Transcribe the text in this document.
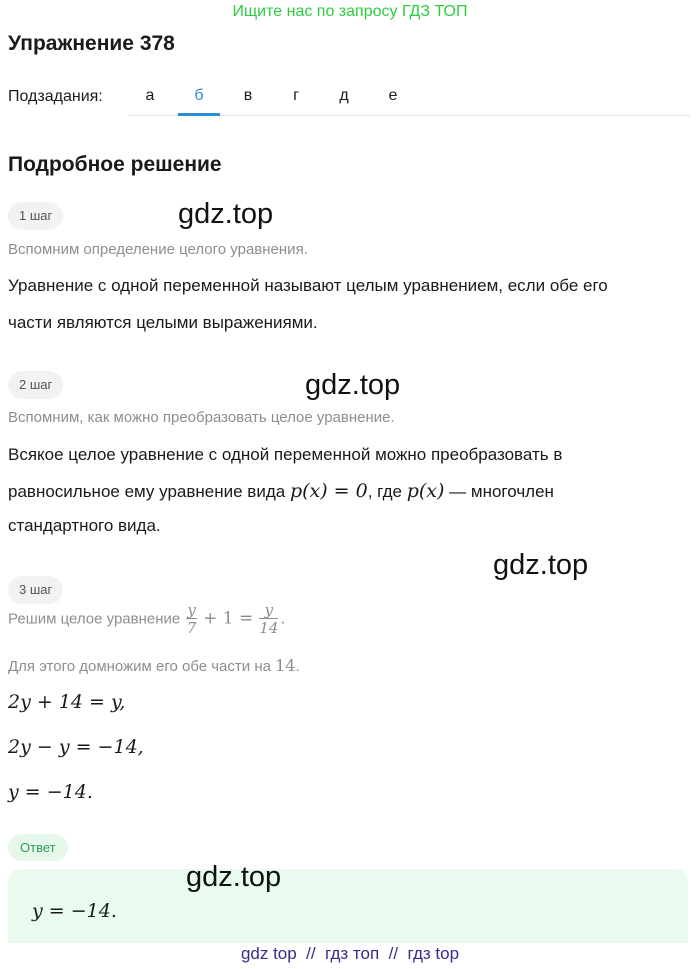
Ищите нас по запросу ГДЗ ТОП
Упражнение 378
Подзадания:	а	б	в	г	д	е
Подробное решение
1 шаг	gdz.top
Вспомним определение целого уравнения.
Уравнение с одной переменной называют целым уравнением, если обе его
части являются целыми выражениями.
2 шаг	gdz.top
Вспомним, как можно преобразовать целое уравнение.
Всякое целое уравнение с одной переменной можно преобразовать в
равносильное ему уравнение вида p(x) = 0, где p(x) — многочлен
стандартного вида.
gdz.top
3 шаг
Решим целое уравнение $\frac{y}{7} + 1 = \frac{y}{14}$ .
Для этого домножим его обе части на 14.
2y + 14 = y,
2y − y = −14,
y = −14.
Ответ
y = −14.
gdz.top
gdz top  //  гдз топ  //  гдз top
